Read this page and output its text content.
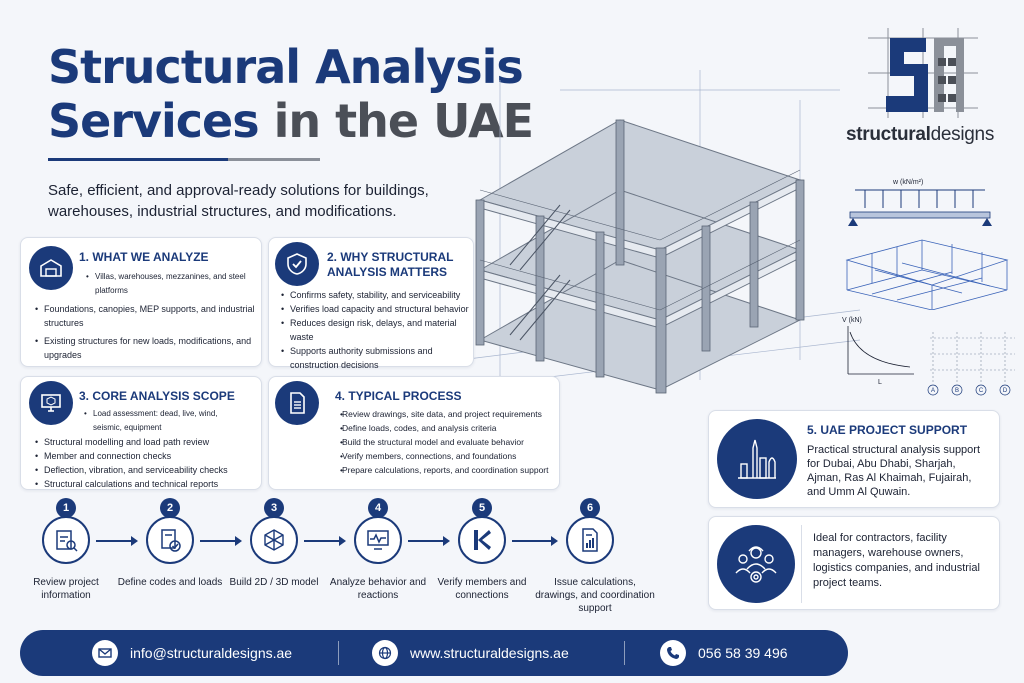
Structural Analysis
Services in the UAE
Safe, efficient, and approval-ready solutions for buildings, warehouses, industrial structures, and modifications.
structuraldesigns
w (kN/m²)
V (kN)
L
A	B	C	D
1. WHAT WE ANALYZE
• Villas, warehouses, mezzanines, and steel platforms
• Foundations, canopies, MEP supports, and industrial structures
• Existing structures for new loads, modifications, and upgrades
2. WHY STRUCTURAL
ANALYSIS MATTERS
• Confirms safety, stability, and serviceability
• Verifies load capacity and structural behavior
• Reduces design risk, delays, and material waste
• Supports authority submissions and construction decisions
3. CORE ANALYSIS SCOPE
• Load assessment: dead, live, wind, seismic, equipment
• Structural modelling and load path review
• Member and connection checks
• Deflection, vibration, and serviceability checks
• Structural calculations and technical reports
4. TYPICAL PROCESS
• Review drawings, site data, and project requirements
• Define loads, codes, and analysis criteria
• Build the structural model and evaluate behavior
• Verify members, connections, and foundations
• Prepare calculations, reports, and coordination support
5. UAE PROJECT SUPPORT
Practical structural analysis support for Dubai, Abu Dhabi, Sharjah, Ajman, Ras Al Khaimah, Fujairah, and Umm Al Quwain.
Ideal for contractors, facility managers, warehouse owners, logistics companies, and industrial project teams.
1
Review project information
2
Define codes and loads
3
Build 2D / 3D model
4
Analyze behavior and reactions
5
Verify members and connections
6
Issue calculations, drawings, and coordination support
info@structuraldesigns.ae	www.structuraldesigns.ae	056 58 39 496
